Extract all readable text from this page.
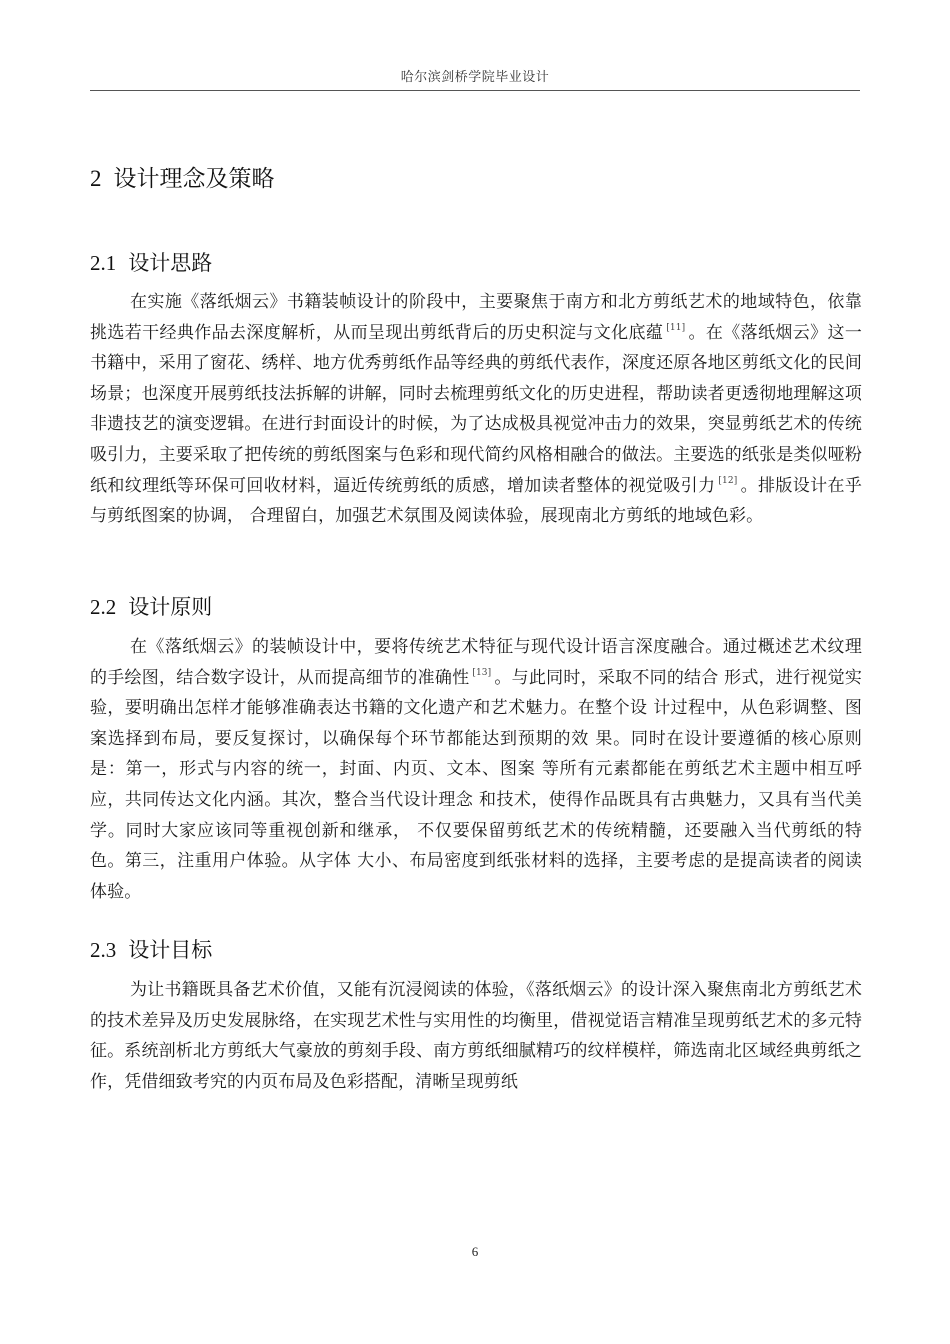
哈尔滨剑桥学院毕业设计
2 设计理念及策略
2.1 设计思路

在实施《落纸烟云》书籍装帧设计的阶段中，主要聚焦于南方和北方剪纸艺术的地域特色，依靠挑选若干经典作品去深度解析，从而呈现出剪纸背后的历史积淀与文化底蕴 [11] 。在《落纸烟云》这一书籍中，采用了窗花、绣样、地方优秀剪纸作品等经典的剪纸代表作，深度还原各地区剪纸文化的民间场景；也深度开展剪纸技法拆解的讲解，同时去梳理剪纸文化的历史进程，帮助读者更透彻地理解这项非遗技艺的演变逻辑。在进行封面设计的时候，为了达成极具视觉冲击力的效果，突显剪纸艺术的传统吸引力，主要采取了把传统的剪纸图案与色彩和现代简约风格相融合的做法。主要选的纸张是类似哑粉纸和纹理纸等环保可回收材料，逼近传统剪纸的质感，增加读者整体的视觉吸引力 [12] 。排版设计在乎与剪纸图案的协调， 合理留白，加强艺术氛围及阅读体验，展现南北方剪纸的地域色彩。

2.2 设计原则

在《落纸烟云》的装帧设计中，要将传统艺术特征与现代设计语言深度融合。通过概述艺术纹理的手绘图，结合数字设计，从而提高细节的准确性 [13] 。与此同时，采取不同的结合 形式，进行视觉实验，要明确出怎样才能够准确表达书籍的文化遗产和艺术魅力。在整个设 计过程中，从色彩调整、图案选择到布局，要反复探讨，以确保每个环节都能达到预期的效 果。同时在设计要遵循的核心原则是：第一，形式与内容的统一，封面、内页、文本、图案 等所有元素都能在剪纸艺术主题中相互呼应，共同传达文化内涵。其次，整合当代设计理念 和技术，使得作品既具有古典魅力，又具有当代美学。同时大家应该同等重视创新和继承， 不仅要保留剪纸艺术的传统精髓，还要融入当代剪纸的特色。第三，注重用户体验。从字体 大小、布局密度到纸张材料的选择，主要考虑的是提高读者的阅读体验。

2.3 设计目标

为让书籍既具备艺术价值，又能有沉浸阅读的体验，《落纸烟云》的设计深入聚焦南北方剪纸艺术的技术差异及历史发展脉络，在实现艺术性与实用性的均衡里，借视觉语言精准呈现剪纸艺术的多元特征。系统剖析北方剪纸大气豪放的剪刻手段、南方剪纸细腻精巧的纹样模样，筛选南北区域经典剪纸之作，凭借细致考究的内页布局及色彩搭配，清晰呈现剪纸

6
